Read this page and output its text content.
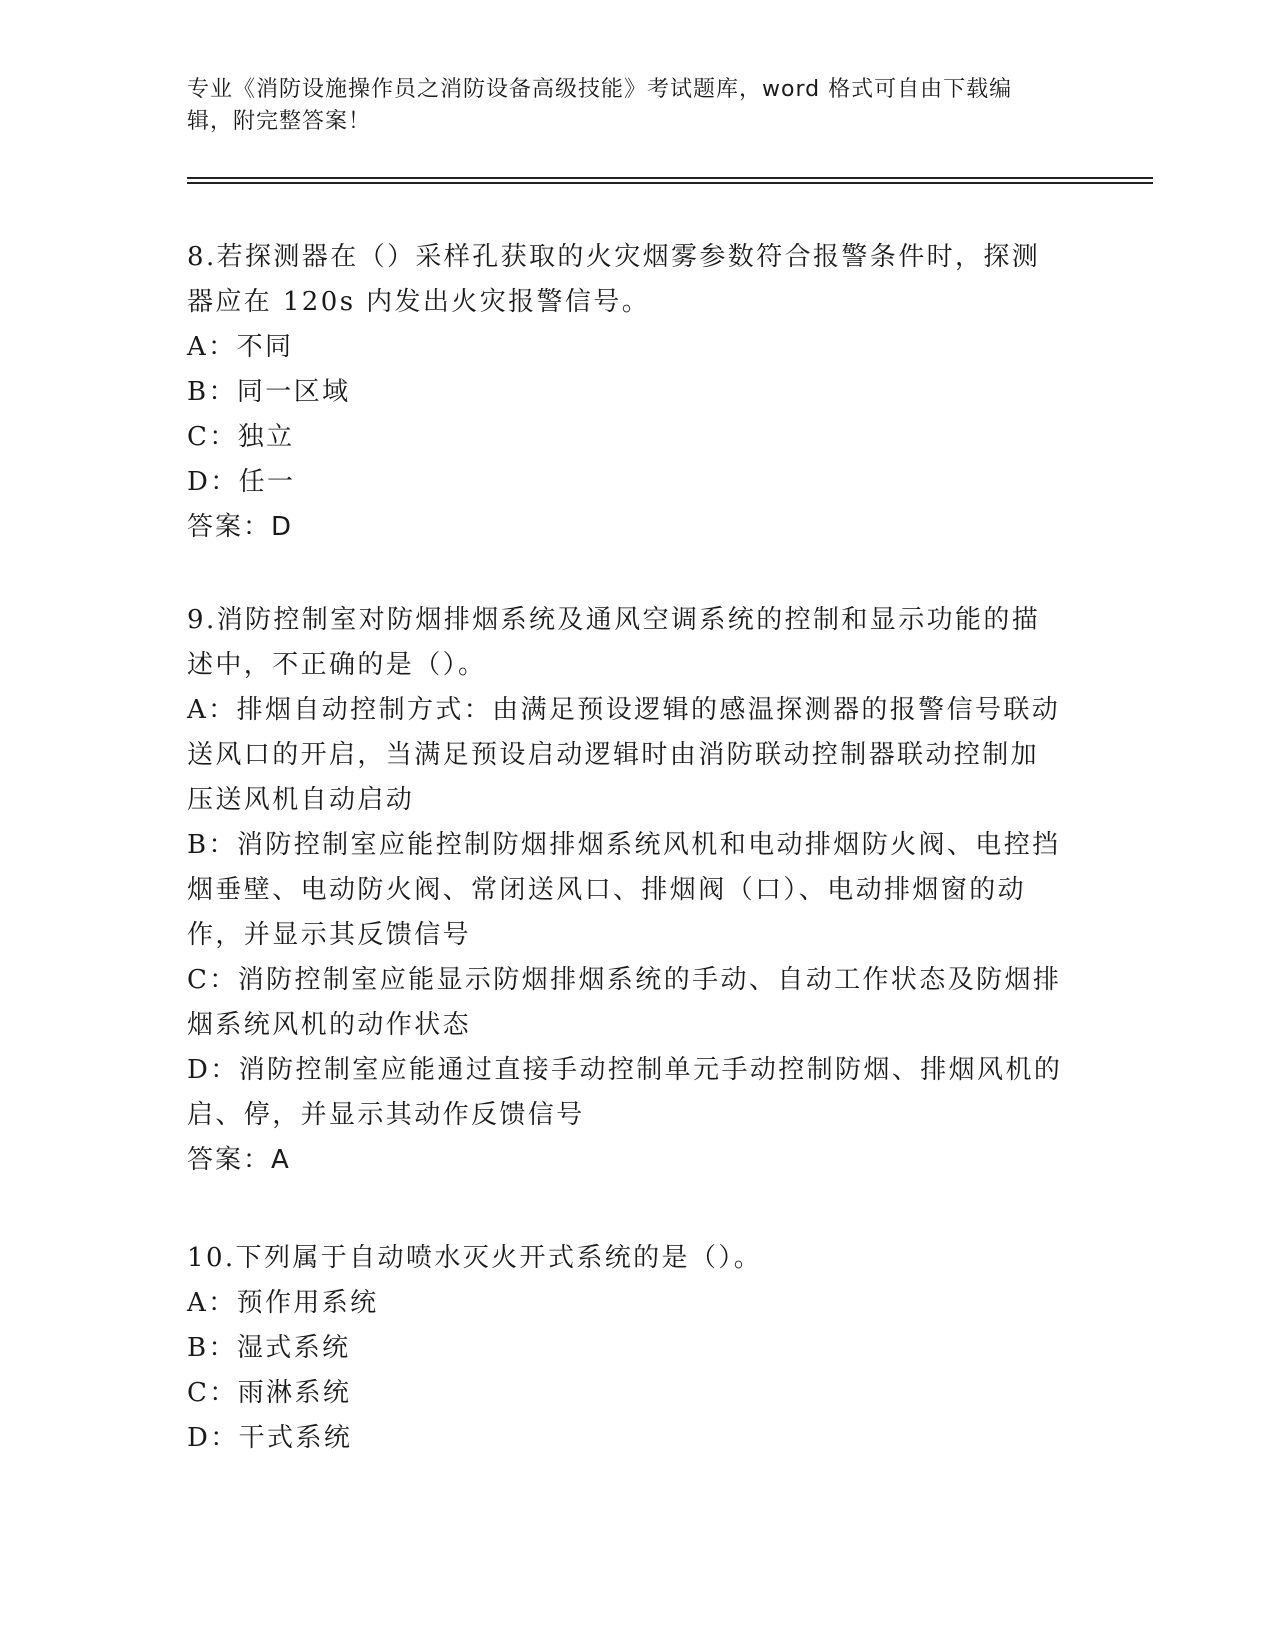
专业《消防设施操作员之消防设备高级技能》考试题库，word 格式可自由下载编
辑，附完整答案！
8.若探测器在（）采样孔获取的火灾烟雾参数符合报警条件时，探测
器应在 120s 内发出火灾报警信号。
A：不同
B：同一区域
C：独立
D：任一
答案：D
9.消防控制室对防烟排烟系统及通风空调系统的控制和显示功能的描
述中，不正确的是（）。
A：排烟自动控制方式：由满足预设逻辑的感温探测器的报警信号联动
送风口的开启，当满足预设启动逻辑时由消防联动控制器联动控制加
压送风机自动启动
B：消防控制室应能控制防烟排烟系统风机和电动排烟防火阀、电控挡
烟垂壁、电动防火阀、常闭送风口、排烟阀（口）、电动排烟窗的动
作，并显示其反馈信号
C：消防控制室应能显示防烟排烟系统的手动、自动工作状态及防烟排
烟系统风机的动作状态
D：消防控制室应能通过直接手动控制单元手动控制防烟、排烟风机的
启、停，并显示其动作反馈信号
答案：A
10.下列属于自动喷水灭火开式系统的是（）。
A：预作用系统
B：湿式系统
C：雨淋系统
D：干式系统
